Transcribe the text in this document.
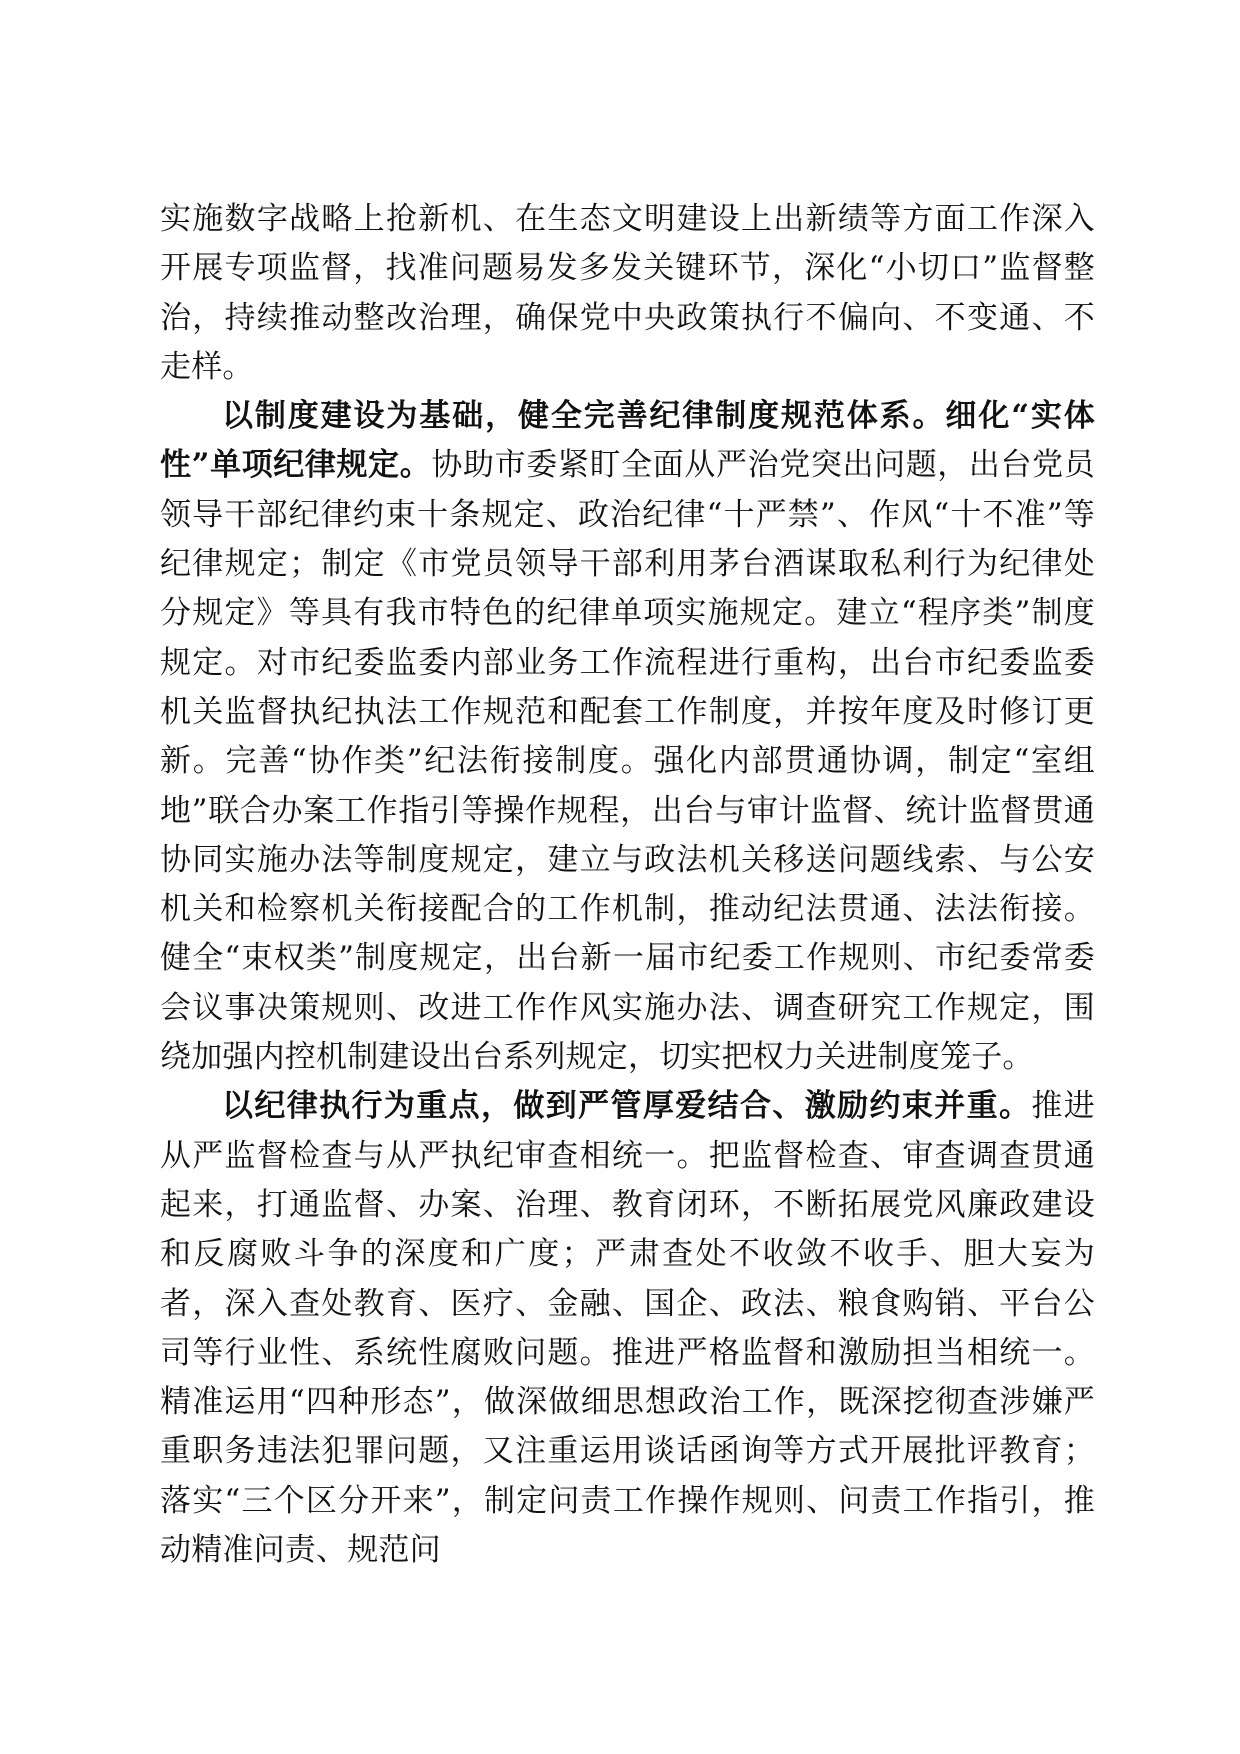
实施数字战略上抢新机、在生态文明建设上出新绩等方面工作深入开展专项监督，找准问题易发多发关键环节，深化“小切口”监督整治，持续推动整改治理，确保党中央政策执行不偏向、不变通、不走样。

以制度建设为基础，健全完善纪律制度规范体系。细化“实体性”单项纪律规定。协助市委紧盯全面从严治党突出问题，出台党员领导干部纪律约束十条规定、政治纪律“十严禁”、作风“十不准”等纪律规定；制定《市党员领导干部利用茅台酒谋取私利行为纪律处分规定》等具有我市特色的纪律单项实施规定。建立“程序类”制度规定。对市纪委监委内部业务工作流程进行重构，出台市纪委监委机关监督执纪执法工作规范和配套工作制度，并按年度及时修订更新。完善“协作类”纪法衔接制度。强化内部贯通协调，制定“室组地”联合办案工作指引等操作规程，出台与审计监督、统计监督贯通协同实施办法等制度规定，建立与政法机关移送问题线索、与公安机关和检察机关衔接配合的工作机制，推动纪法贯通、法法衔接。健全“束权类”制度规定，出台新一届市纪委工作规则、市纪委常委会议事决策规则、改进工作作风实施办法、调查研究工作规定，围绕加强内控机制建设出台系列规定，切实把权力关进制度笼子。

以纪律执行为重点，做到严管厚爱结合、激励约束并重。推进从严监督检查与从严执纪审查相统一。把监督检查、审查调查贯通起来，打通监督、办案、治理、教育闭环，不断拓展党风廉政建设和反腐败斗争的深度和广度；严肃查处不收敛不收手、胆大妄为者，深入查处教育、医疗、金融、国企、政法、粮食购销、平台公司等行业性、系统性腐败问题。推进严格监督和激励担当相统一。精准运用“四种形态”，做深做细思想政治工作，既深挖彻查涉嫌严重职务违法犯罪问题，又注重运用谈话函询等方式开展批评教育；落实“三个区分开来”，制定问责工作操作规则、问责工作指引，推动精准问责、规范问
